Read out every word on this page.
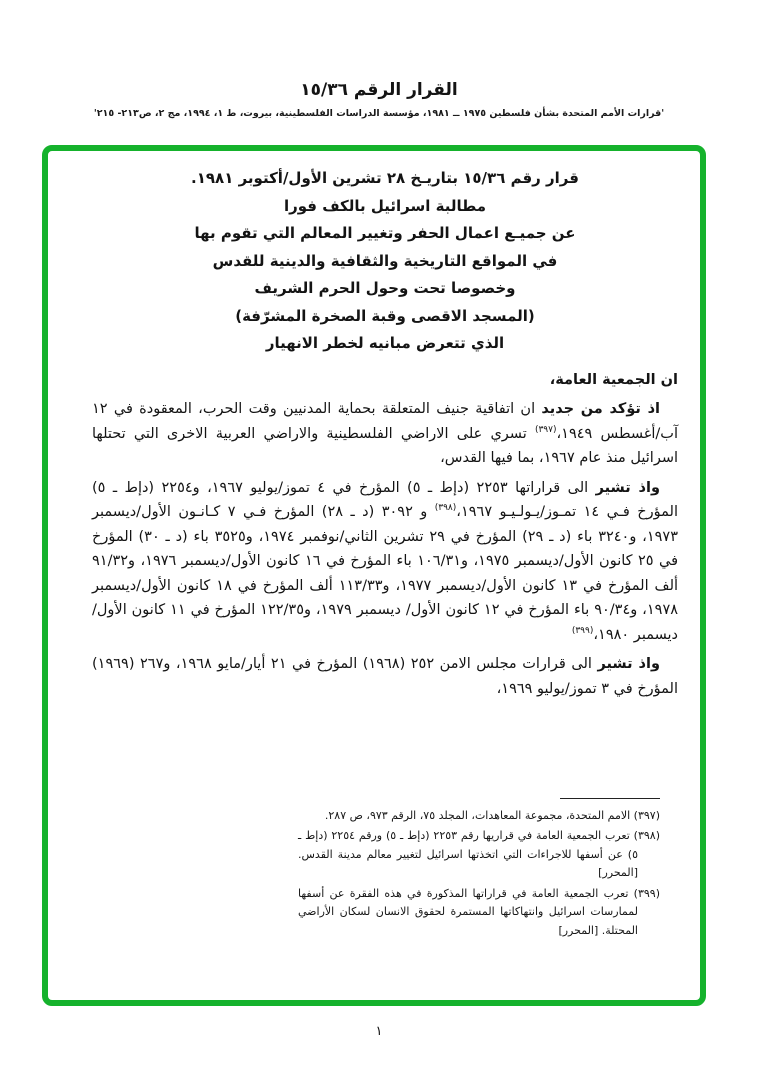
القرار الرقم ١٥/٣٦
'قرارات الأمم المتحدة بشأن فلسطين ١٩٧٥ ــ ١٩٨١، مؤسسة الدراسات الفلسطينية، بيروت، ط ١، ١٩٩٤، مج ٢، ص٢١٣- ٢١٥'
قرار رقم ١٥/٣٦ بتاريـخ ٢٨ تشرين الأول/أكتوبر ١٩٨١.
مطالبة اسرائيل بالكف فورا
عن جميـع اعمال الحفر وتغيير المعالم التي تقوم بها
في المواقع التاريخية والثقافية والدينية للقدس
وخصوصا تحت وحول الحرم الشريف
(المسجد الاقصى وقبة الصخرة المشرّفة)
الذي تتعرض مبانيه لخطر الانهيار

ان الجمعية العامة،

اذ تؤكد من جديد ان اتفاقية جنيف المتعلقة بحماية المدنيين وقت الحرب، المعقودة في ١٢ آب/أغسطس ١٩٤٩،$^{(٣٩٧)}$ تسري على الاراضي الفلسطينية والاراضي العربية الاخرى التي تحتلها اسرائيل منذ عام ١٩٦٧، بما فيها القدس،

واذ تشير الى قراراتها ٢٢٥٣ (دإط ـ ٥) المؤرخ في ٤ تموز/يوليو ١٩٦٧، و٢٢٥٤ (دإط ـ ٥) المؤرخ فـي ١٤ تمـوز/يـولـيـو ١٩٦٧،$^{(٣٩٨)}$ و ٣٠٩٢ (د ـ ٢٨) المؤرخ فـي ٧ كـانـون الأول/ديسمبر ١٩٧٣، و٣٢٤٠ باء (د ـ ٢٩) المؤرخ في ٢٩ تشرين الثاني/نوفمبر ١٩٧٤، و٣٥٢٥ باء (د ـ ٣٠) المؤرخ في ٢٥ كانون الأول/ديسمبر ١٩٧٥، و١٠٦/٣١ باء المؤرخ في ١٦ كانون الأول/ديسمبر ١٩٧٦، و٩١/٣٢ ألف المؤرخ في ١٣ كانون الأول/ديسمبر ١٩٧٧، و١١٣/٣٣ ألف المؤرخ في ١٨ كانون الأول/ديسمبر ١٩٧٨، و٩٠/٣٤ باء المؤرخ في ١٢ كانون الأول/ ديسمبر ١٩٧٩، و١٢٢/٣٥ المؤرخ في ١١ كانون الأول/ديسمبر ١٩٨٠،$^{(٣٩٩)}$

واذ تشير الى قرارات مجلس الامن ٢٥٢ (١٩٦٨) المؤرخ في ٢١ أيار/مايو ١٩٦٨، و٢٦٧ (١٩٦٩) المؤرخ في ٣ تموز/يوليو ١٩٦٩،

(٣٩٧) الامم المتحدة، مجموعة المعاهدات، المجلد ٧٥، الرقم ٩٧٣، ص ٢٨٧.
(٣٩٨) تعرب الجمعية العامة في قراريها رقم ٢٢٥٣ (دإط ـ ٥) ورقم ٢٢٥٤ (دإط ـ ٥) عن أسفها للاجراءات التي اتخذتها اسرائيل لتغيير معالم مدينة القدس. [المحرر]
(٣٩٩) تعرب الجمعية العامة في قراراتها المذكورة في هذه الفقرة عن أسفها لممارسات اسرائيل وانتهاكاتها المستمرة لحقوق الانسان لسكان الأراضي المحتلة. [المحرر]
١
